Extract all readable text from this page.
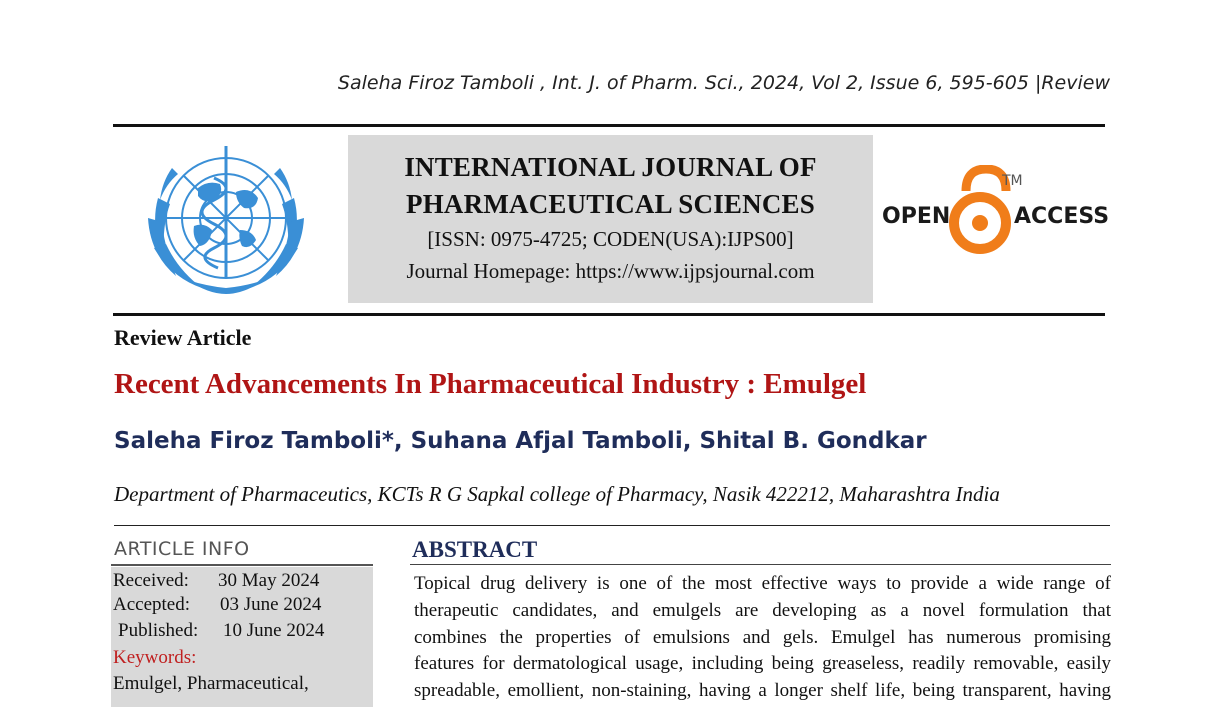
Saleha Firoz Tamboli , Int. J. of Pharm. Sci., 2024, Vol 2, Issue 6, 595-605 |Review
INTERNATIONAL JOURNAL OF
PHARMACEUTICAL SCIENCES
[ISSN: 0975-4725; CODEN(USA):IJPS00]
Journal Homepage: https://www.ijpsjournal.com
OPEN	ACCESS
TM
Review Article
Recent Advancements In Pharmaceutical Industry : Emulgel
Saleha Firoz Tamboli*, Suhana Afjal Tamboli, Shital B. Gondkar
Department of Pharmaceutics, KCTs R G Sapkal college of Pharmacy, Nasik 422212, Maharashtra India
ARTICLE INFO
Received: 30 May 2024
Accepted: 03 June 2024
Published: 10 June 2024
Keywords:
Emulgel, Pharmaceutical,
ABSTRACT
Topical drug delivery is one of the most effective ways to provide a wide range of
therapeutic candidates, and emulgels are developing as a novel formulation that
combines the properties of emulsions and gels. Emulgel has numerous promising
features for dermatological usage, including being greaseless, readily removable, easily
spreadable, emollient, non-staining, having a longer shelf life, being transparent, having
